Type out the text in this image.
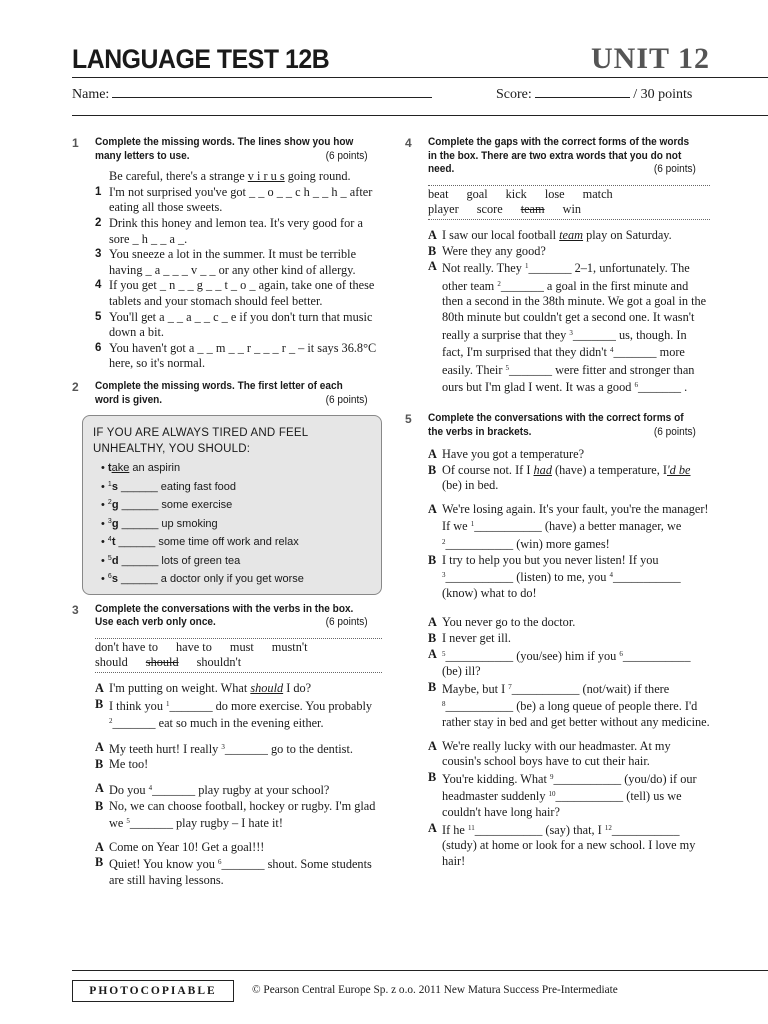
LANGUAGE TEST 12B	UNIT 12
Name:	Score:	/ 30 points
1 Complete the missing words. The lines show you how many letters to use.	(6 points)
Be careful, there's a strange v i r u s going round.
1 I'm not surprised you've got _ _ o _ _ c h _ _ h _ after eating all those sweets.
2 Drink this honey and lemon tea. It's very good for a sore _ h _ _ a _.
3 You sneeze a lot in the summer. It must be terrible having _ a _ _ _ v _ _ or any other kind of allergy.
4 If you get _ n _ _ g _ _ t _ o _ again, take one of these tablets and your stomach should feel better.
5 You'll get a _ _ a _ _ c _ e if you don't turn that music down a bit.
6 You haven't got a _ _ m _ _ r _ _ _ r _ – it says 36.8°C here, so it's normal.
2 Complete the missing words. The first letter of each word is given.	(6 points)
IF YOU ARE ALWAYS TIRED AND FEEL UNHEALTHY, YOU SHOULD:
• take an aspirin
• $^1$s ______ eating fast food
• $^2$g ______ some exercise
• $^3$g ______ up smoking
• $^4$t ______ some time off work and relax
• $^5$d ______ lots of green tea
• $^6$s ______ a doctor only if you get worse
3 Complete the conversations with the verbs in the box. Use each verb only once.	(6 points)
don't have to have to must mustn't
should should shouldn't
A I'm putting on weight. What should I do?
B I think you $^1$_______ do more exercise. You probably $^2$_______ eat so much in the evening either.
A My teeth hurt! I really $^3$_______ go to the dentist.
B Me too!
A Do you $^4$_______ play rugby at your school?
B No, we can choose football, hockey or rugby. I'm glad we $^5$_______ play rugby – I hate it!
A Come on Year 10! Get a goal!!!
B Quiet! You know you $^6$_______ shout. Some students are still having lessons.
4 Complete the gaps with the correct forms of the words in the box. There are two extra words that you do not need.	(6 points)
beat goal kick lose match
player score team win
A I saw our local football team play on Saturday.
B Were they any good?
A Not really. They $^1$_______ 2–1, unfortunately. The other team $^2$_______ a goal in the first minute and then a second in the 38th minute. We got a goal in the 80th minute but couldn't get a second one. It wasn't really a surprise that they $^3$_______ us, though. In fact, I'm surprised that they didn't $^4$_______ more easily. Their $^5$_______ were fitter and stronger than ours but I'm glad I went. It was a good $^6$_______ .
5 Complete the conversations with the correct forms of the verbs in brackets.	(6 points)
A Have you got a temperature?
B Of course not. If I had (have) a temperature, I'd be (be) in bed.
A We're losing again. It's your fault, you're the manager! If we $^1$___________ (have) a better manager, we $^2$___________ (win) more games!
B I try to help you but you never listen! If you $^3$___________ (listen) to me, you $^4$___________ (know) what to do!
A You never go to the doctor.
B I never get ill.
A $^5$___________ (you/see) him if you $^6$___________ (be) ill?
B Maybe, but I $^7$___________ (not/wait) if there $^8$___________ (be) a long queue of people there. I'd rather stay in bed and get better without any medicine.
A We're really lucky with our headmaster. At my cousin's school boys have to cut their hair.
B You're kidding. What $^9$___________ (you/do) if our headmaster suddenly $^{10}$___________ (tell) us we couldn't have long hair?
A If he $^{11}$___________ (say) that, I $^{12}$___________ (study) at home or look for a new school. I love my hair!
PHOTOCOPIABLE	© Pearson Central Europe Sp. z o.o. 2011 New Matura Success Pre-Intermediate
